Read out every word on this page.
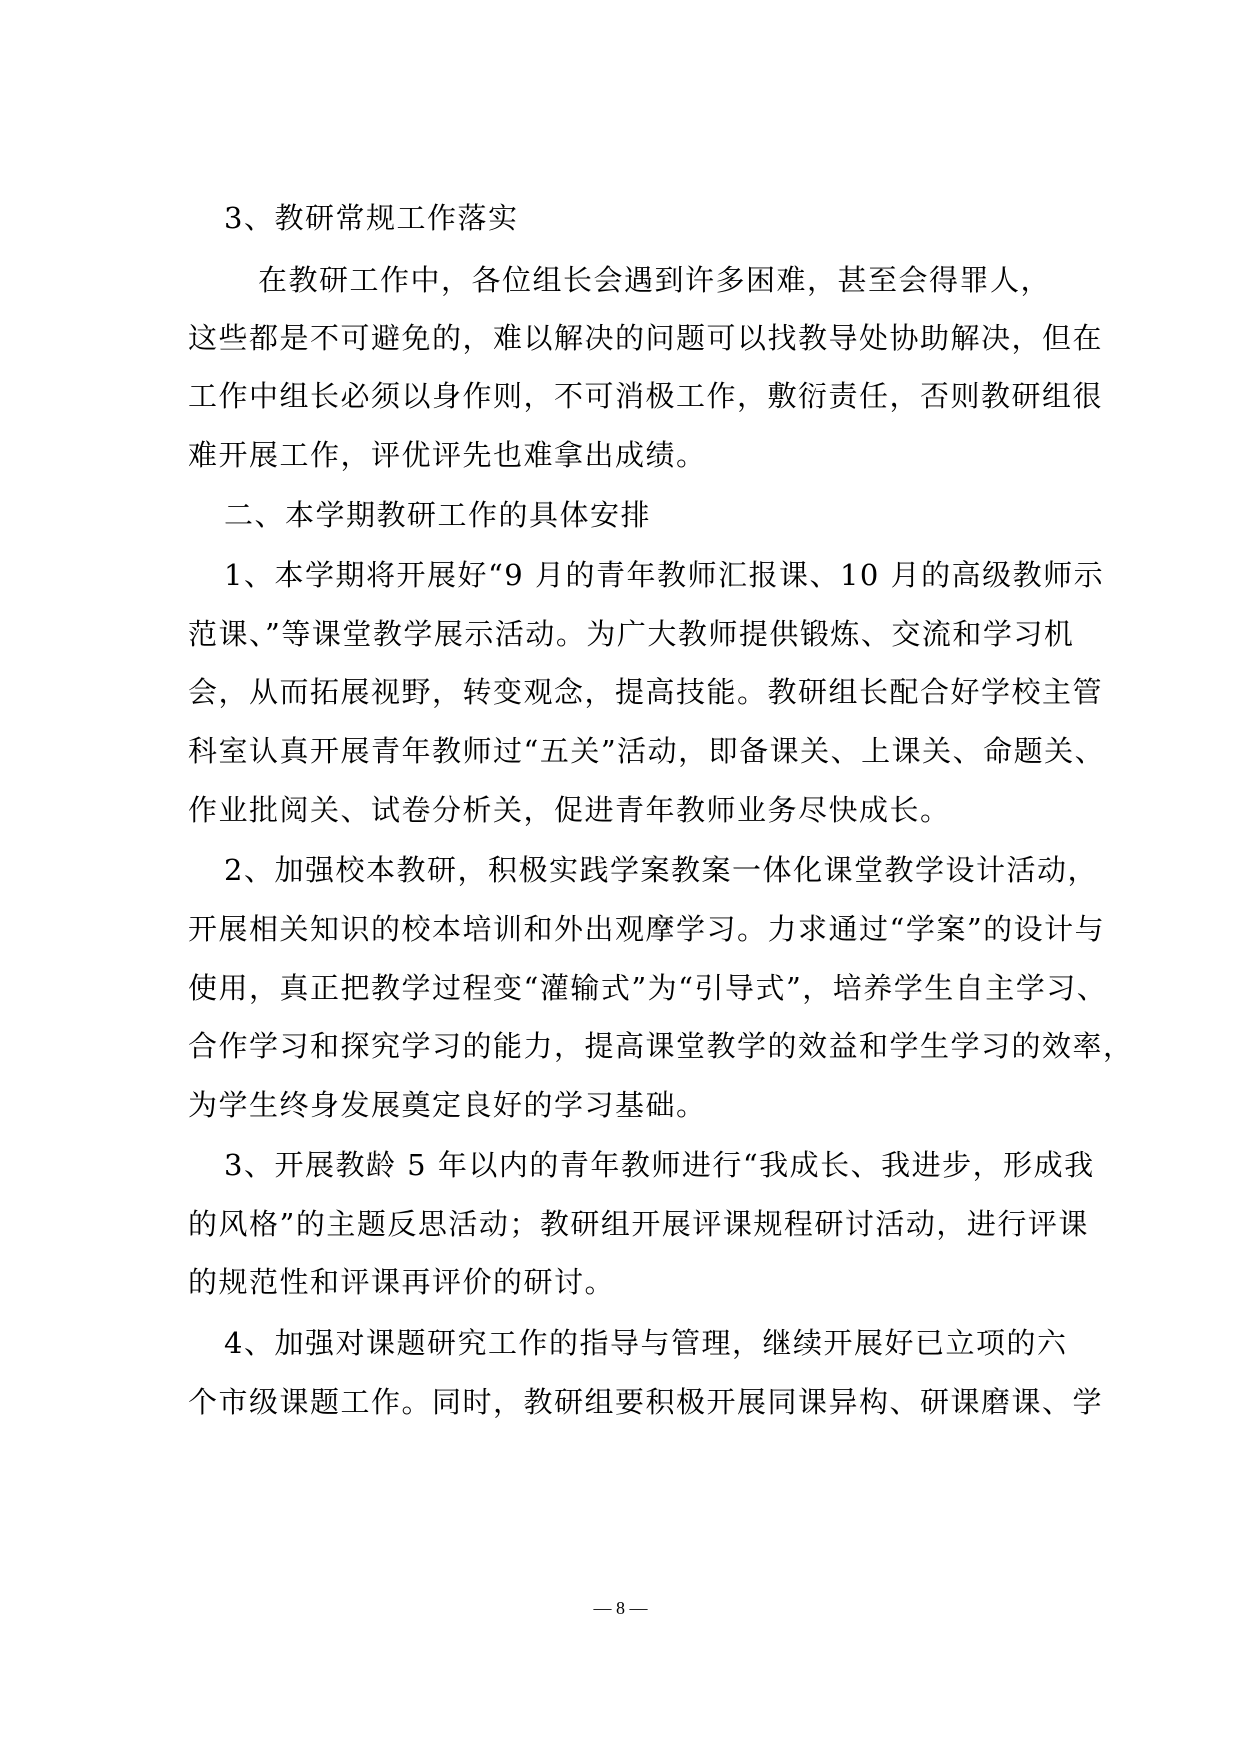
3、教研常规工作落实
在教研工作中，各位组长会遇到许多困难，甚至会得罪人，
这些都是不可避免的，难以解决的问题可以找教导处协助解决，但在
工作中组长必须以身作则，不可消极工作，敷衍责任，否则教研组很
难开展工作，评优评先也难拿出成绩。
二、本学期教研工作的具体安排
1、本学期将开展好“9 月的青年教师汇报课、10 月的高级教师示
范课、”等课堂教学展示活动。为广大教师提供锻炼、交流和学习机
会，从而拓展视野，转变观念，提高技能。教研组长配合好学校主管
科室认真开展青年教师过“五关”活动，即备课关、上课关、命题关、
作业批阅关、试卷分析关，促进青年教师业务尽快成长。
2、加强校本教研，积极实践学案教案一体化课堂教学设计活动，
开展相关知识的校本培训和外出观摩学习。力求通过“学案”的设计与
使用，真正把教学过程变“灌输式”为“引导式”，培养学生自主学习、
合作学习和探究学习的能力，提高课堂教学的效益和学生学习的效率，
为学生终身发展奠定良好的学习基础。
3、开展教龄 5 年以内的青年教师进行“我成长、我进步，形成我
的风格”的主题反思活动；教研组开展评课规程研讨活动，进行评课
的规范性和评课再评价的研讨。
4、加强对课题研究工作的指导与管理，继续开展好已立项的六
个市级课题工作。同时，教研组要积极开展同课异构、研课磨课、学
— 8 —
